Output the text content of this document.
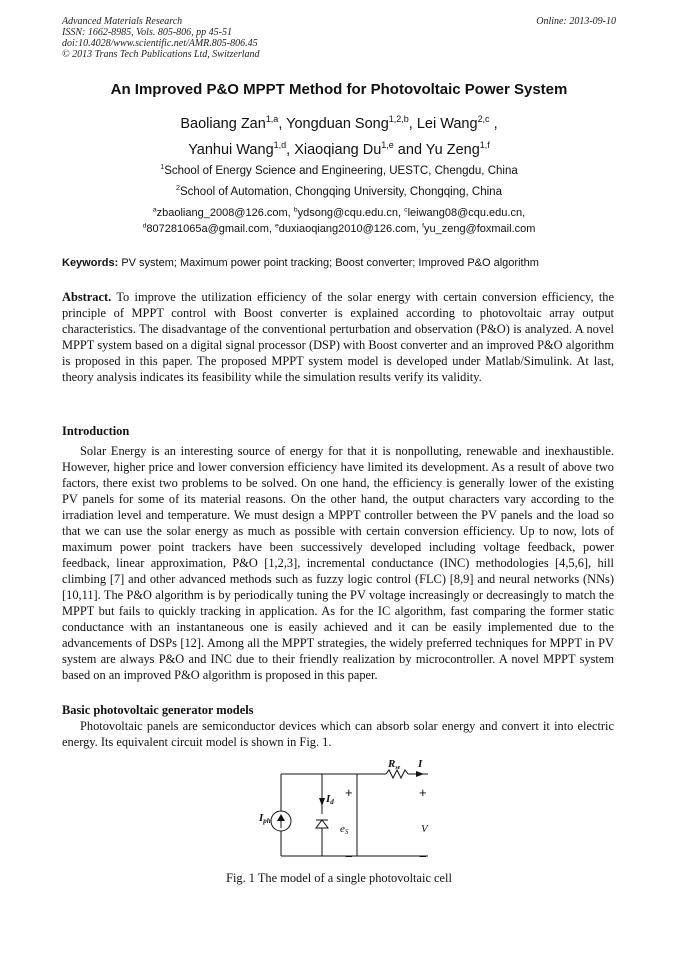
Advanced Materials Research
ISSN: 1662-8985, Vols. 805-806, pp 45-51
doi:10.4028/www.scientific.net/AMR.805-806.45
© 2013 Trans Tech Publications Ltd, Switzerland
Online: 2013-09-10
An Improved P&O MPPT Method for Photovoltaic Power System
Baoliang Zan$^{1,a}$, Yongduan Song$^{1,2,b}$, Lei Wang$^{2,c}$ ,
Yanhui Wang$^{1,d}$, Xiaoqiang Du$^{1,e}$ and Yu Zeng$^{1,f}$
$^1$School of Energy Science and Engineering, UESTC, Chengdu, China
$^2$School of Automation, Chongqing University, Chongqing, China
$^a$zbaoliang_2008@126.com, $^b$ydsong@cqu.edu.cn, $^c$leiwang08@cqu.edu.cn,
$^d$807281065a@gmail.com, $^e$duxiaoqiang2010@126.com, $^f$yu_zeng@foxmail.com
Keywords: PV system; Maximum power point tracking; Boost converter; Improved P&O algorithm
Abstract. To improve the utilization efficiency of the solar energy with certain conversion efficiency, the principle of MPPT control with Boost converter is explained according to photovoltaic array output characteristics. The disadvantage of the conventional perturbation and observation (P&O) is analyzed. A novel MPPT system based on a digital signal processor (DSP) with Boost converter and an improved P&O algorithm is proposed in this paper. The proposed MPPT system model is developed under Matlab/Simulink. At last, theory analysis indicates its feasibility while the simulation results verify its validity.
Introduction
Solar Energy is an interesting source of energy for that it is nonpolluting, renewable and inexhaustible. However, higher price and lower conversion efficiency have limited its development. As a result of above two factors, there exist two problems to be solved. On one hand, the efficiency is generally lower of the existing PV panels for some of its material reasons. On the other hand, the output characters vary according to the irradiation level and temperature. We must design a MPPT controller between the PV panels and the load so that we can use the solar energy as much as possible with certain conversion efficiency. Up to now, lots of maximum power point trackers have been successively developed including voltage feedback, power feedback, linear approximation, P&O [1,2,3], incremental conductance (INC) methodologies [4,5,6], hill climbing [7] and other advanced methods such as fuzzy logic control (FLC) [8,9] and neural networks (NNs) [10,11]. The P&O algorithm is by periodically tuning the PV voltage increasingly or decreasingly to match the MPPT but fails to quickly tracking in application. As for the IC algorithm, fast comparing the former static conductance with an instantaneous one is easily achieved and it can be easily implemented due to the advancements of DSPs [12]. Among all the MPPT strategies, the widely preferred techniques for MPPT in PV system are always P&O and INC due to their friendly realization by microcontroller. A novel MPPT system based on an improved P&O algorithm is proposed in this paper.
Basic photovoltaic generator models
Photovoltaic panels are semiconductor devices which can absorb solar energy and convert it into electric energy. Its equivalent circuit model is shown in Fig. 1.
Iph
Id
eS
Rse I
V
+	+
−	−
Fig. 1 The model of a single photovoltaic cell
